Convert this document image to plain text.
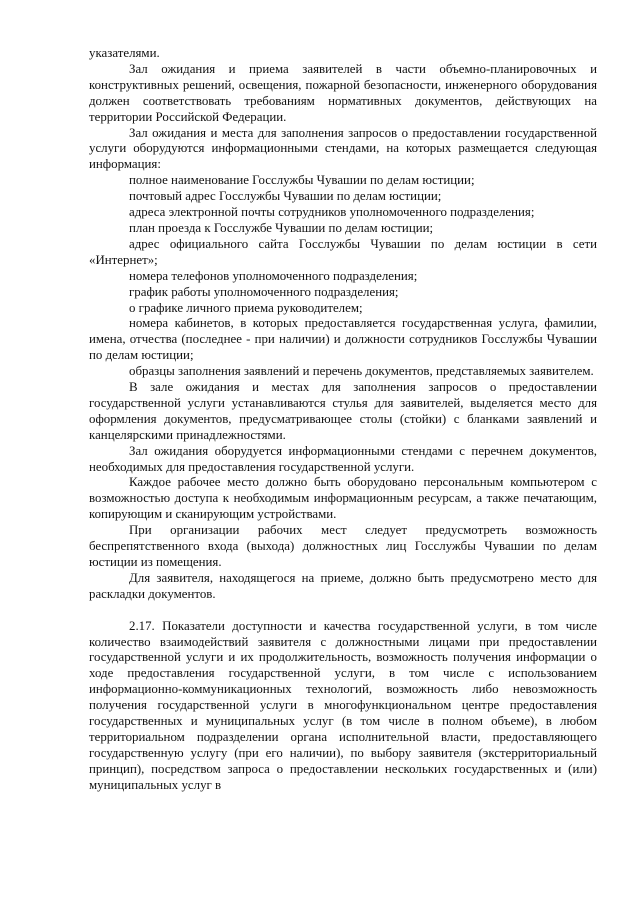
указателями.

Зал ожидания и приема заявителей в части объемно-планировочных и конструктивных решений, освещения, пожарной безопасности, инженерного оборудования должен соответствовать требованиям нормативных документов, действующих на территории Российской Федерации.

Зал ожидания и места для заполнения запросов о предоставлении государственной услуги оборудуются информационными стендами, на которых размещается следующая информация:

полное наименование Госслужбы Чувашии по делам юстиции;

почтовый адрес Госслужбы Чувашии по делам юстиции;

адреса электронной почты сотрудников уполномоченного подразделения;

план проезда к Госслужбе Чувашии по делам юстиции;

адрес официального сайта Госслужбы Чувашии по делам юстиции в сети «Интернет»;

номера телефонов уполномоченного подразделения;

график работы уполномоченного подразделения;

о графике личного приема руководителем;

номера кабинетов, в которых предоставляется государственная услуга, фамилии, имена, отчества (последнее - при наличии) и должности сотрудников Госслужбы Чувашии по делам юстиции;

образцы заполнения заявлений и перечень документов, представляемых заявителем.

В зале ожидания и местах для заполнения запросов о предоставлении государственной услуги устанавливаются стулья для заявителей, выделяется место для оформления документов, предусматривающее столы (стойки) с бланками заявлений и канцелярскими принадлежностями.

Зал ожидания оборудуется информационными стендами с перечнем документов, необходимых для предоставления государственной услуги.

Каждое рабочее место должно быть оборудовано персональным компьютером с возможностью доступа к необходимым информационным ресурсам, а также печатающим, копирующим и сканирующим устройствами.

При организации рабочих мест следует предусмотреть возможность беспрепятственного входа (выхода) должностных лиц Госслужбы Чувашии по делам юстиции из помещения.

Для заявителя, находящегося на приеме, должно быть предусмотрено место для раскладки документов.

2.17. Показатели доступности и качества государственной услуги, в том числе количество взаимодействий заявителя с должностными лицами при предоставлении государственной услуги и их продолжительность, возможность получения информации о ходе предоставления государственной услуги, в том числе с использованием информационно-коммуникационных технологий, возможность либо невозможность получения государственной услуги в многофункциональном центре предоставления государственных и муниципальных услуг (в том числе в полном объеме), в любом территориальном подразделении органа исполнительной власти, предоставляющего государственную услугу (при его наличии), по выбору заявителя (экстерриториальный принцип), посредством запроса о предоставлении нескольких государственных и (или) муниципальных услуг в
